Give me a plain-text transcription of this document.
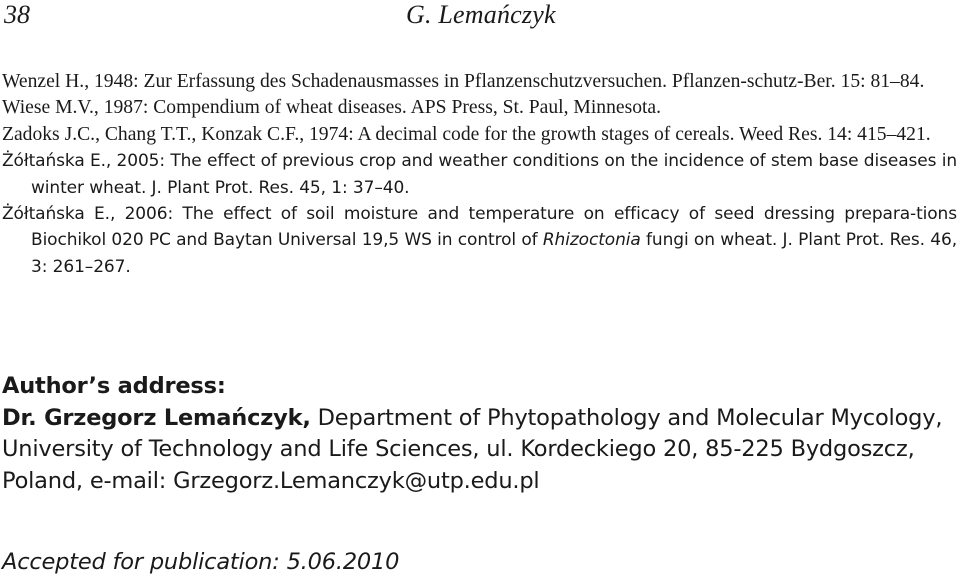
38	G. Lemańczyk

Wenzel H., 1948: Zur Erfassung des Schadenausmasses in Pflanzenschutzversuchen. Pflanzen-schutz-Ber. 15: 81–84.

Wiese M.V., 1987: Compendium of wheat diseases. APS Press, St. Paul, Minnesota.

Zadoks J.C., Chang T.T., Konzak C.F., 1974: A decimal code for the growth stages of cereals. Weed Res. 14: 415–421.

Żółtańska E., 2005: The effect of previous crop and weather conditions on the incidence of stem base diseases in winter wheat. J. Plant Prot. Res. 45, 1: 37–40.

Żółtańska E., 2006: The effect of soil moisture and temperature on efficacy of seed dressing prepara-tions Biochikol 020 PC and Baytan Universal 19,5 WS in control of Rhizoctonia fungi on wheat. J. Plant Prot. Res. 46, 3: 261–267.

Author’s address:

Dr. Grzegorz Lemańczyk, Department of Phytopathology and Molecular Mycology, University of Technology and Life Sciences, ul. Kordeckiego 20, 85-225 Bydgoszcz, Poland, e-mail: Grzegorz.Lemanczyk@utp.edu.pl

Accepted for publication: 5.06.2010
